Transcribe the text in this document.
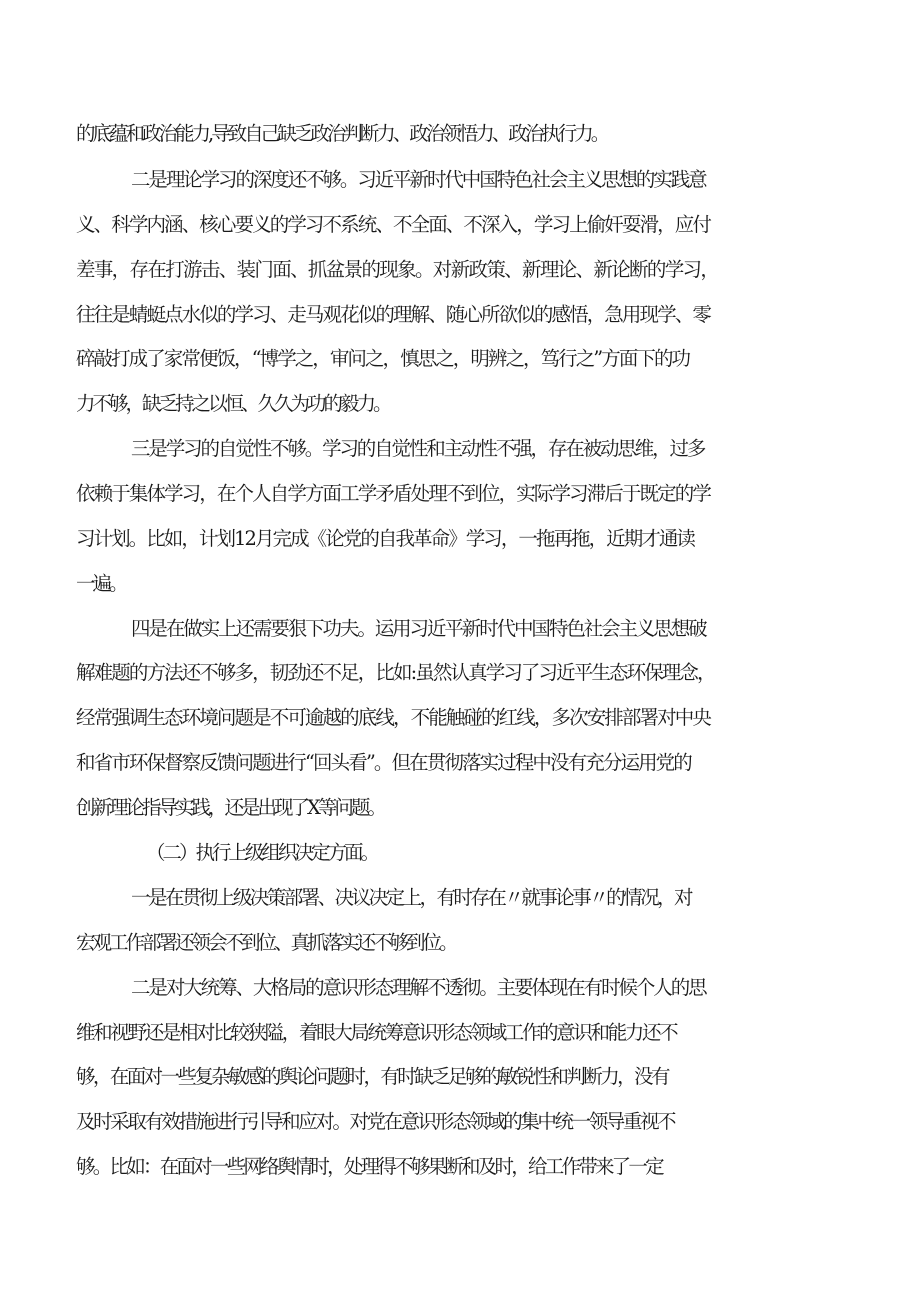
的底蕴和政治能力,导致自己缺乏政治判断力、政治领悟力、政治执行力。
二是理论学习的深度还不够。习近平新时代中国特色社会主义思想的实践意
义、科学内涵、核心要义的学习不系统、不全面、不深入，学习上偷奸耍滑，应付
差事，存在打游击、装门面、抓盆景的现象。对新政策、新理论、新论断的学习，
往往是蜻蜓点水似的学习、走马观花似的理解、随心所欲似的感悟，急用现学、零
碎敲打成了家常便饭，“博学之，审问之，慎思之，明辨之，笃行之”方面下的功
力不够，缺乏持之以恒、久久为功的毅力。
三是学习的自觉性不够。学习的自觉性和主动性不强，存在被动思维，过多
依赖于集体学习，在个人自学方面工学矛盾处理不到位，实际学习滞后于既定的学
习计划。比如，计划12月完成《论党的自我革命》学习，一拖再拖，近期才通读
一遍。
四是在做实上还需要狠下功夫。运用习近平新时代中国特色社会主义思想破
解难题的方法还不够多，韧劲还不足，比如:虽然认真学习了习近平生态环保理念，
经常强调生态环境问题是不可逾越的底线，不能触碰的红线，多次安排部署对中央
和省市环保督察反馈问题进行“回头看”。但在贯彻落实过程中没有充分运用党的
创新理论指导实践，还是出现了X等问题。
（二）执行上级组织决定方面。
一是在贯彻上级决策部署、决议决定上，有时存在〃就事论事〃的情况，对
宏观工作部署还领会不到位、真抓落实还不够到位。
二是对大统筹、大格局的意识形态理解不透彻。主要体现在有时候个人的思
维和视野还是相对比较狭隘，着眼大局统筹意识形态领域工作的意识和能力还不
够，在面对一些复杂敏感的舆论问题时，有时缺乏足够的敏锐性和判断力，没有
及时采取有效措施进行引导和应对。对党在意识形态领域的集中统一领导重视不
够。比如：在面对一些网络舆情时，处理得不够果断和及时，给工作带来了一定
